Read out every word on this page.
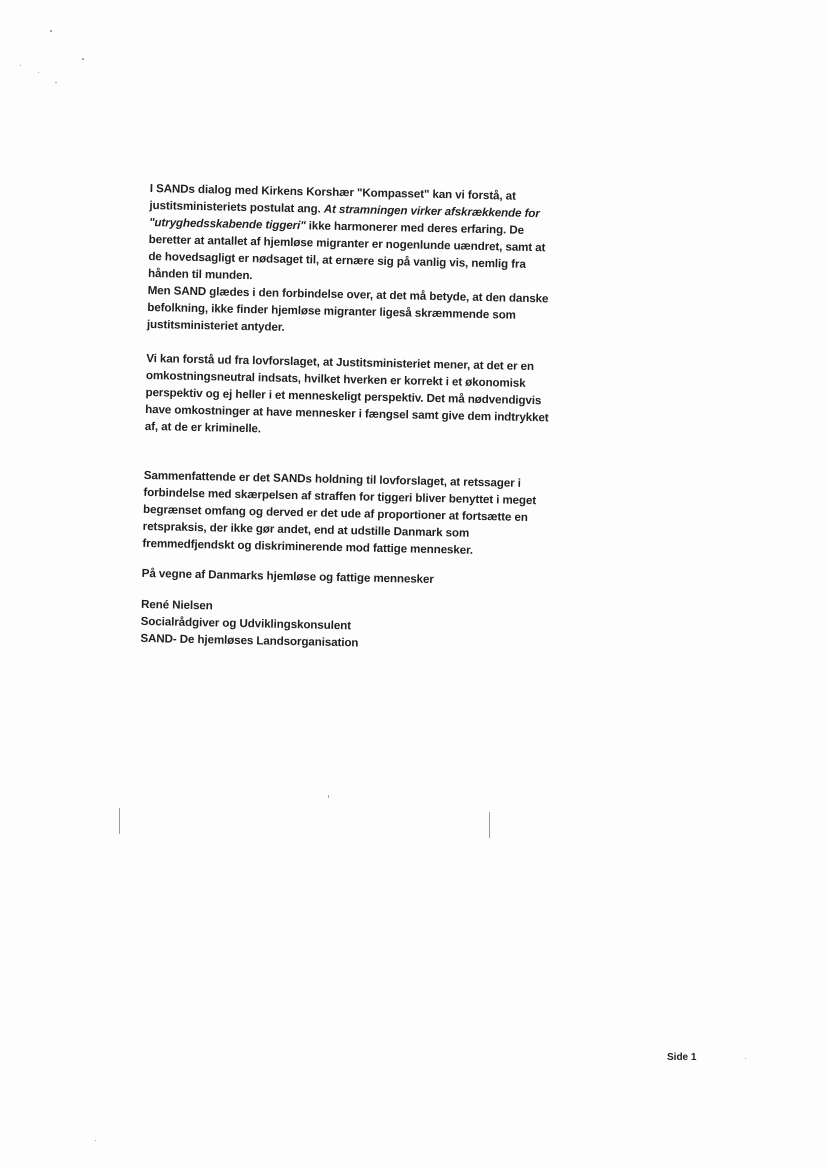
I SANDs dialog med Kirkens Korshær "Kompasset" kan vi forstå, at justitsministeriets postulat ang. At stramningen virker afskrækkende for "utryghedsskabende tiggeri" ikke harmonerer med deres erfaring. De beretter at antallet af hjemløse migranter er nogenlunde uændret, samt at de hovedsagligt er nødsaget til, at ernære sig på vanlig vis, nemlig fra hånden til munden.

Men SAND glædes i den forbindelse over, at det må betyde, at den danske befolkning, ikke finder hjemløse migranter ligeså skræmmende som justitsministeriet antyder.

Vi kan forstå ud fra lovforslaget, at Justitsministeriet mener, at det er en omkostningsneutral indsats, hvilket hverken er korrekt i et økonomisk perspektiv og ej heller i et menneskeligt perspektiv. Det må nødvendigvis have omkostninger at have mennesker i fængsel samt give dem indtrykket af, at de er kriminelle.

Sammenfattende er det SANDs holdning til lovforslaget, at retssager i forbindelse med skærpelsen af straffen for tiggeri bliver benyttet i meget begrænset omfang og derved er det ude af proportioner at fortsætte en retspraksis, der ikke gør andet, end at udstille Danmark som fremmedfjendskt og diskriminerende mod fattige mennesker.

På vegne af Danmarks hjemløse og fattige mennesker

René Nielsen

Socialrådgiver og Udviklingskonsulent

SAND- De hjemløses Landsorganisation

Side 1
